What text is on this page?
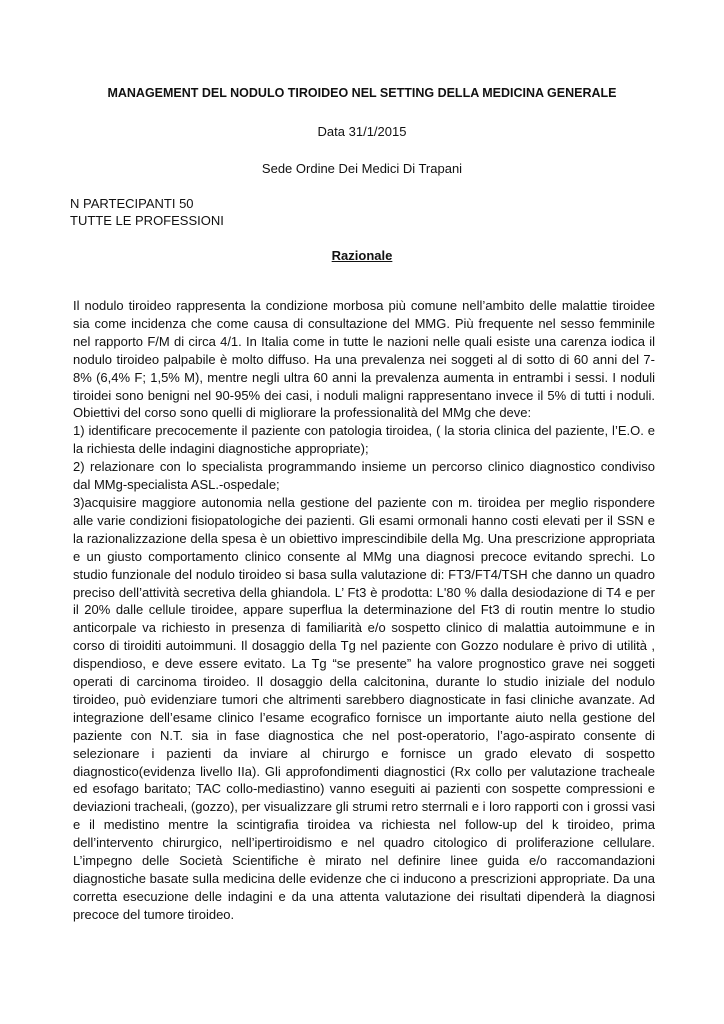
MANAGEMENT DEL NODULO TIROIDEO NEL SETTING DELLA MEDICINA GENERALE
Data 31/1/2015
Sede Ordine Dei Medici Di Trapani
N PARTECIPANTI 50
TUTTE LE PROFESSIONI
Razionale

Il nodulo tiroideo rappresenta la condizione morbosa più comune nell’ambito delle malattie tiroidee sia come incidenza che come causa di consultazione del MMG. Più frequente nel sesso femminile nel rapporto F/M di circa 4/1. In Italia come in tutte le nazioni nelle quali esiste una carenza iodica il nodulo tiroideo palpabile è molto diffuso. Ha una prevalenza nei soggeti al di sotto di 60 anni del 7-8% (6,4% F; 1,5% M), mentre negli ultra 60 anni la prevalenza aumenta in entrambi i sessi. I noduli tiroidei sono benigni nel 90-95% dei casi, i noduli maligni rappresentano invece il 5% di tutti i noduli. Obiettivi del corso sono quelli di migliorare la professionalità del MMg che deve:

1) identificare precocemente il paziente con patologia tiroidea, ( la storia clinica del paziente, l’E.O. e la richiesta delle indagini diagnostiche appropriate);

2) relazionare con lo specialista programmando insieme un percorso clinico diagnostico condiviso dal MMg-specialista ASL.-ospedale;

3)acquisire maggiore autonomia nella gestione del paziente con m. tiroidea per meglio rispondere alle varie condizioni fisiopatologiche dei pazienti. Gli esami ormonali hanno costi elevati per il SSN e la razionalizzazione della spesa è un obiettivo imprescindibile della Mg. Una prescrizione appropriata e un giusto comportamento clinico consente al MMg una diagnosi precoce evitando sprechi. Lo studio funzionale del nodulo tiroideo si basa sulla valutazione di: FT3/FT4/TSH che danno un quadro preciso dell’attività secretiva della ghiandola. L’ Ft3 è prodotta: L'80 % dalla desiodazione di T4 e per il 20% dalle cellule tiroidee, appare superflua la determinazione del Ft3 di routin mentre lo studio anticorpale va richiesto in presenza di familiarità e/o sospetto clinico di malattia autoimmune e in corso di tiroiditi autoimmuni. Il dosaggio della Tg nel paziente con Gozzo nodulare è privo di utilità , dispendioso, e deve essere evitato. La Tg “se presente” ha valore prognostico grave nei soggeti operati di carcinoma tiroideo. Il dosaggio della calcitonina, durante lo studio iniziale del nodulo tiroideo, può evidenziare tumori che altrimenti sarebbero diagnosticate in fasi cliniche avanzate. Ad integrazione dell’esame clinico l’esame ecografico fornisce un importante aiuto nella gestione del paziente con N.T. sia in fase diagnostica che nel post-operatorio, l’ago-aspirato consente di selezionare i pazienti da inviare al chirurgo e fornisce un grado elevato di sospetto diagnostico(evidenza livello IIa). Gli approfondimenti diagnostici (Rx collo per valutazione tracheale ed esofago baritato; TAC collo-mediastino) vanno eseguiti ai pazienti con sospette compressioni e deviazioni tracheali, (gozzo), per visualizzare gli strumi retro sterrnali e i loro rapporti con i grossi vasi e il medistino mentre la scintigrafia tiroidea va richiesta nel follow-up del k tiroideo, prima dell’intervento chirurgico, nell’ipertiroidismo e nel quadro citologico di proliferazione cellulare. L’impegno delle Società Scientifiche è mirato nel definire linee guida e/o raccomandazioni diagnostiche basate sulla medicina delle evidenze che ci inducono a prescrizioni appropriate. Da una corretta esecuzione delle indagini e da una attenta valutazione dei risultati dipenderà la diagnosi precoce del tumore tiroideo.
